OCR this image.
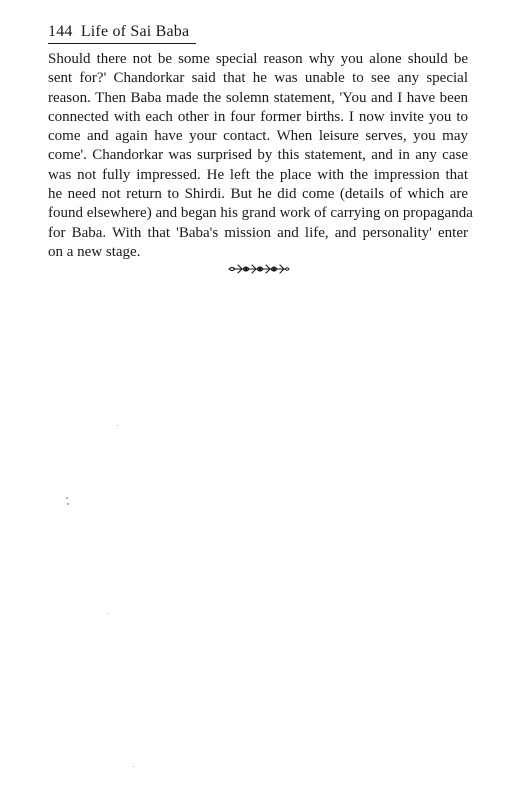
144 Life of Sai Baba

Should there not be some special reason why you alone should be
sent for?' Chandorkar said that he was unable to see any special
reason. Then Baba made the solemn statement, 'You and I have been
connected with each other in four former births. I now invite you to
come and again have your contact. When leisure serves, you may
come'. Chandorkar was surprised by this statement, and in any case
was not fully impressed. He left the place with the impression that
he need not return to Shirdi. But he did come (details of which are
found elsewhere) and began his grand work of carrying on propaganda
for Baba. With that 'Baba's mission and life, and personality' enter
on a new stage.
